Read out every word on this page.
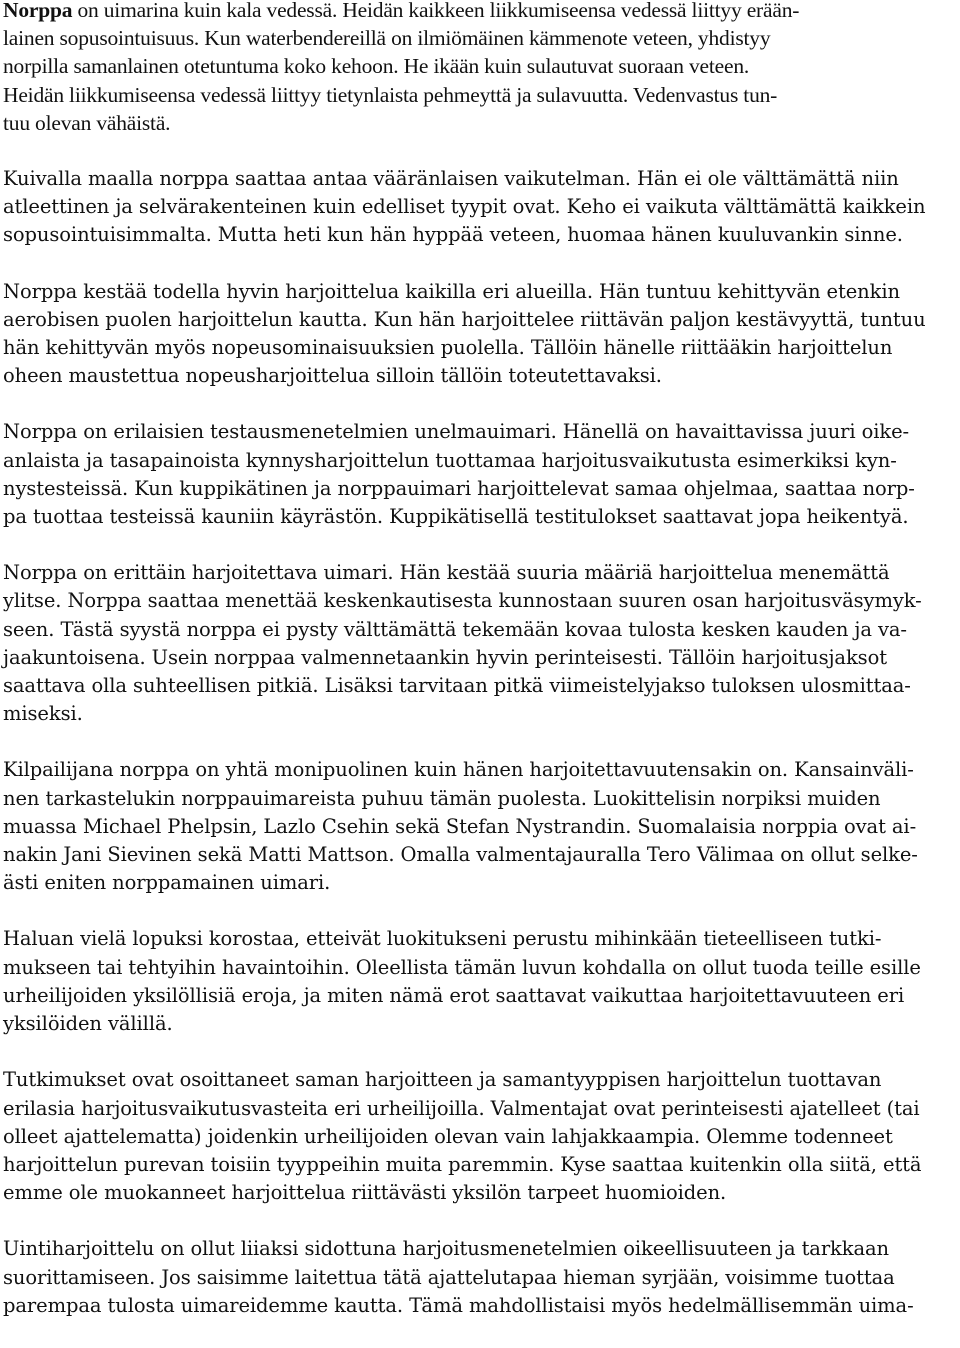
Norppa on uimarina kuin kala vedessä. Heidän kaikkeen liikkumiseensa vedessä liittyy erään-
lainen sopusointuisuus. Kun waterbendereillä on ilmiömäinen kämmenote veteen, yhdistyy
norpilla samanlainen otetuntuma koko kehoon. He ikään kuin sulautuvat suoraan veteen.
Heidän liikkumiseensa vedessä liittyy tietynlaista pehmeyttä ja sulavuutta. Vedenvastus tun-
tuu olevan vähäistä.

Kuivalla maalla norppa saattaa antaa vääränlaisen vaikutelman. Hän ei ole välttämättä niin
atleettinen ja selvärakenteinen kuin edelliset tyypit ovat. Keho ei vaikuta välttämättä kaikkein
sopusointuisimmalta. Mutta heti kun hän hyppää veteen, huomaa hänen kuuluvankin sinne.

Norppa kestää todella hyvin harjoittelua kaikilla eri alueilla. Hän tuntuu kehittyvän etenkin
aerobisen puolen harjoittelun kautta. Kun hän harjoittelee riittävän paljon kestävyyttä, tuntuu
hän kehittyvän myös nopeusominaisuuksien puolella. Tällöin hänelle riittääkin harjoittelun
oheen maustettua nopeusharjoittelua silloin tällöin toteutettavaksi.

Norppa on erilaisien testausmenetelmien unelmauimari. Hänellä on havaittavissa juuri oike-
anlaista ja tasapainoista kynnysharjoittelun tuottamaa harjoitusvaikutusta esimerkiksi kyn-
nystesteissä. Kun kuppikätinen ja norppauimari harjoittelevat samaa ohjelmaa, saattaa norp-
pa tuottaa testeissä kauniin käyrästön. Kuppikätisellä testitulokset saattavat jopa heikentyä.

Norppa on erittäin harjoitettava uimari. Hän kestää suuria määriä harjoittelua menemättä
ylitse. Norppa saattaa menettää keskenkautisesta kunnostaan suuren osan harjoitusväsymyk-
seen. Tästä syystä norppa ei pysty välttämättä tekemään kovaa tulosta kesken kauden ja va-
jaakuntoisena. Usein norppaa valmennetaankin hyvin perinteisesti. Tällöin harjoitusjaksot
saattava olla suhteellisen pitkiä. Lisäksi tarvitaan pitkä viimeistelyjakso tuloksen ulosmittaa-
miseksi.

Kilpailijana norppa on yhtä monipuolinen kuin hänen harjoitettavuutensakin on. Kansainväli-
nen tarkastelukin norppauimareista puhuu tämän puolesta. Luokittelisin norpiksi muiden
muassa Michael Phelpsin, Lazlo Csehin sekä Stefan Nystrandin. Suomalaisia norppia ovat ai-
nakin Jani Sievinen sekä Matti Mattson. Omalla valmentajauralla Tero Välimaa on ollut selke-
ästi eniten norppamainen uimari.

Haluan vielä lopuksi korostaa, etteivät luokitukseni perustu mihinkään tieteelliseen tutki-
mukseen tai tehtyihin havaintoihin. Oleellista tämän luvun kohdalla on ollut tuoda teille esille
urheilijoiden yksilöllisiä eroja, ja miten nämä erot saattavat vaikuttaa harjoitettavuuteen eri
yksilöiden välillä.

Tutkimukset ovat osoittaneet saman harjoitteen ja samantyyppisen harjoittelun tuottavan
erilasia harjoitusvaikutusvasteita eri urheilijoilla. Valmentajat ovat perinteisesti ajatelleet (tai
olleet ajattelematta) joidenkin urheilijoiden olevan vain lahjakkaampia. Olemme todenneet
harjoittelun purevan toisiin tyyppeihin muita paremmin. Kyse saattaa kuitenkin olla siitä, että
emme ole muokanneet harjoittelua riittävästi yksilön tarpeet huomioiden.

Uintiharjoittelu on ollut liiaksi sidottuna harjoitusmenetelmien oikeellisuuteen ja tarkkaan
suorittamiseen. Jos saisimme laitettua tätä ajattelutapaa hieman syrjään, voisimme tuottaa
parempaa tulosta uimareidemme kautta. Tämä mahdollistaisi myös hedelmällisemmän uima-
